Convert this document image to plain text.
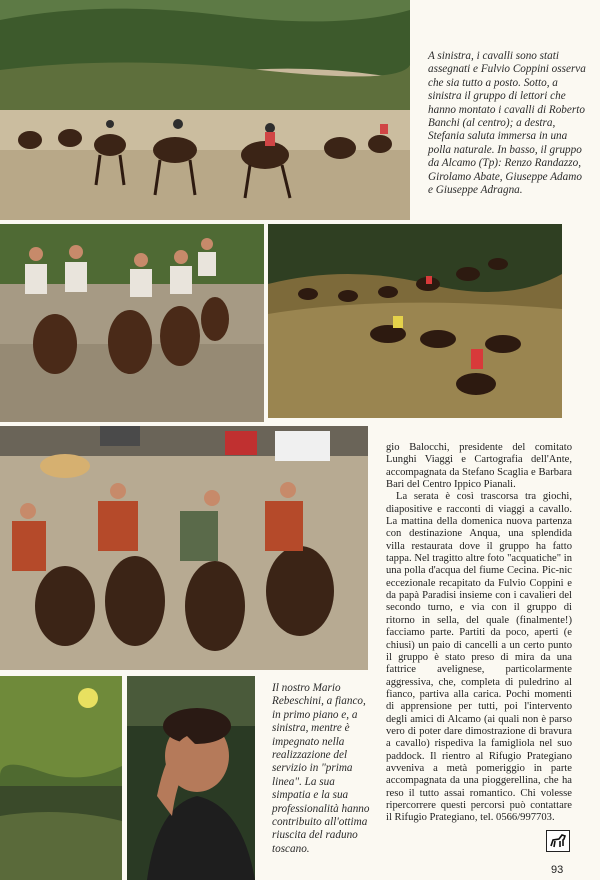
A sinistra, i cavalli sono stati assegnati e Fulvio Coppini osserva che sia tutto a posto. Sotto, a sinistra il gruppo di lettori che hanno montato i cavalli di Roberto Banchi (al centro); a destra, Stefania saluta immersa in una polla naturale. In basso, il gruppo da Alcamo (Tp): Renzo Randazzo, Girolamo Abate, Giuseppe Adamo e Giuseppe Adragna.

Il nostro Mario Rebeschini, a fianco, in primo piano e, a sinistra, mentre è impegnato nella realizzazione del servizio in "prima linea". La sua simpatia e la sua professionalità hanno contribuito all'ottima riuscita del raduno toscano.

gio Balocchi, presidente del comitato Lunghi Viaggi e Cartografia dell'Ante, accompagnata da Stefano Scaglia e Barbara Bari del Centro Ippico Pianali.

La serata è così trascorsa tra giochi, diapositive e racconti di viaggi a cavallo. La mattina della domenica nuova partenza con destinazione Anqua, una splendida villa restaurata dove il gruppo ha fatto tappa. Nel tragitto altre foto "acquatiche" in una polla d'acqua del fiume Cecina. Pic-nic eccezionale recapitato da Fulvio Coppini e da papà Paradisi insieme con i cavalieri del secondo turno, e via con il gruppo di ritorno in sella, del quale (finalmente!) facciamo parte. Partiti da poco, aperti (e chiusi) un paio di cancelli a un certo punto il gruppo è stato preso di mira da una fattrice avelignese, particolarmente aggressiva, che, completa di puledrino al fianco, partiva alla carica. Pochi momenti di apprensione per tutti, poi l'intervento degli amici di Alcamo (ai quali non è parso vero di poter dare dimostrazione di bravura a cavallo) rispediva la famigliola nel suo paddock. Il rientro al Rifugio Prategiano avveniva a metà pomeriggio in parte accompagnata da una pioggerellina, che ha reso il tutto assai romantico. Chi volesse ripercorrere questi percorsi può contattare il Rifugio Prategiano, tel. 0566/997703.

93
